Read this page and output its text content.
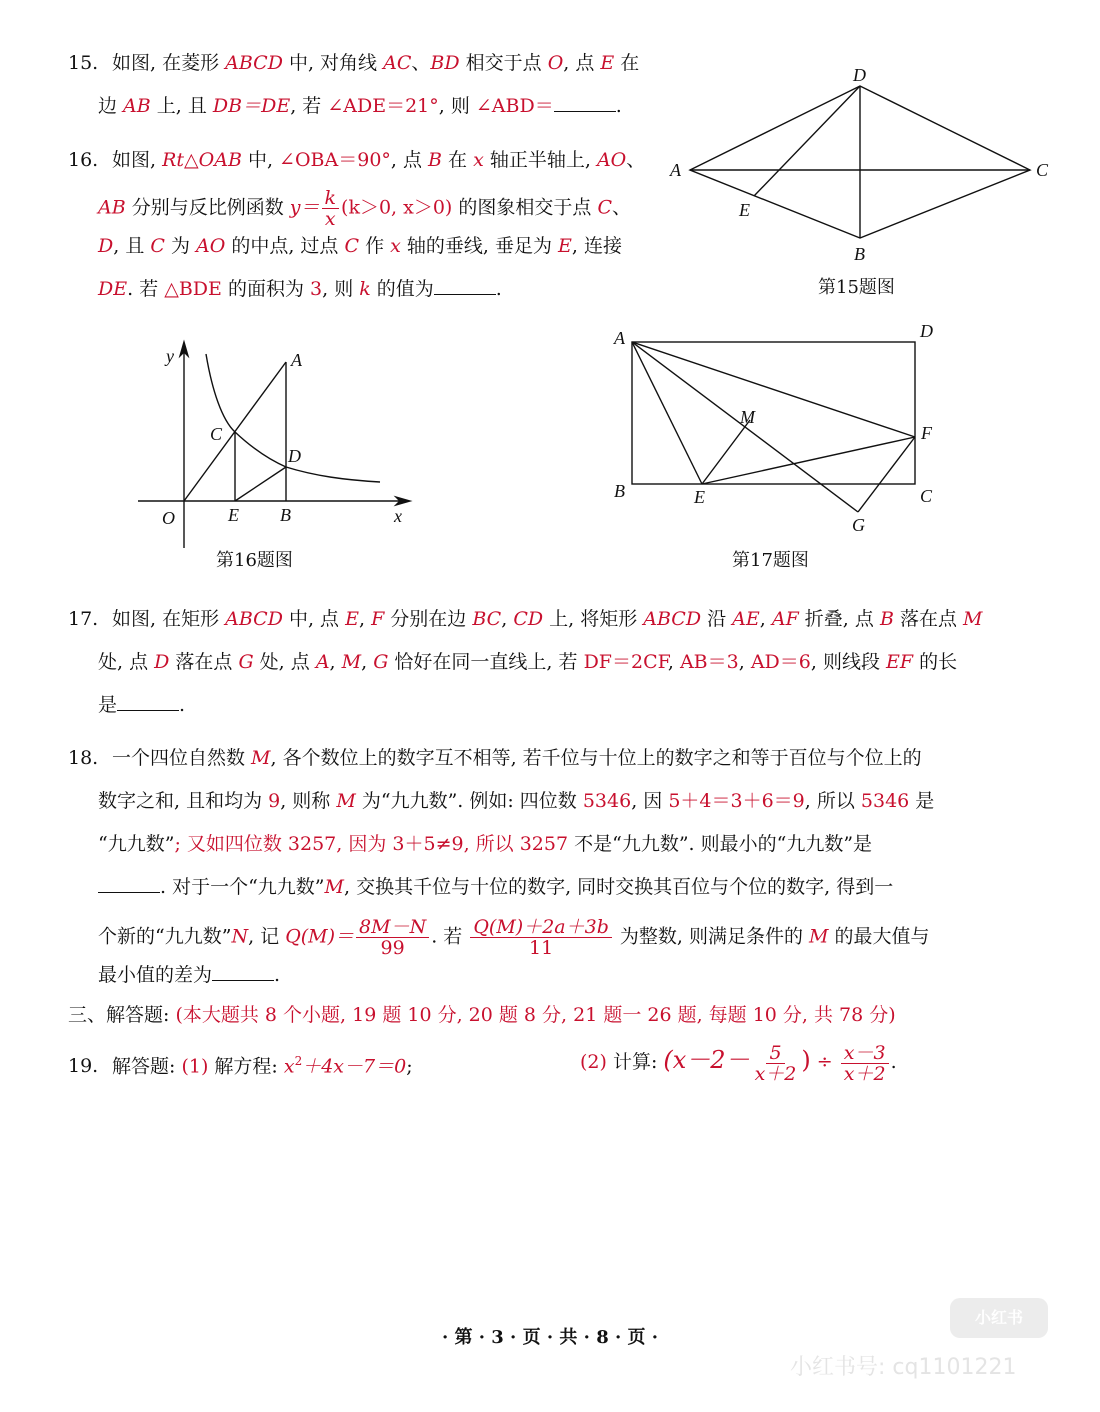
15. 如图, 在菱形 ABCD 中, 对角线 AC、BD 相交于点 O, 点 E 在
边 AB 上, 且 DB＝DE, 若 ∠ADE＝21°, 则 ∠ABD＝	.
16. 如图, Rt△OAB 中, ∠OBA＝90°, 点 B 在 x 轴正半轴上, AO、
AB 分别与反比例函数 $y= \frac{k}{x} (k>0$, x＞0) 的图象相交于点 C、
D, 且 C 为 AO 的中点, 过点 C 作 x 轴的垂线, 垂足为 E, 连接
DE. 若 △BDE 的面积为 3, 则 k 的值为	.
A
D
C
B
E
第15题图
y
x
O
A
B
C
D
E
第16题图
A	D
B	C
E
F
G
M
第17题图
17. 如图, 在矩形 ABCD 中, 点 E, F 分别在边 BC, CD 上, 将矩形 ABCD 沿 AE, AF 折叠, 点 B 落在点 M
处, 点 D 落在点 G 处, 点 A, M, G 恰好在同一直线上, 若 DF＝2CF, AB＝3, AD＝6, 则线段 EF 的长
是	.
18. 一个四位自然数 M, 各个数位上的数字互不相等, 若千位与十位上的数字之和等于百位与个位上的
数字之和, 且和均为 9, 则称 M 为“九九数”. 例如: 四位数 5346, 因 5＋4＝3＋6＝9, 所以 5346 是
“九九数”; 又如四位数 3257, 因为 3＋5≠9, 所以 3257 不是“九九数”. 则最小的“九九数”是
. 对于一个“九九数”M, 交换其千位与十位的数字, 同时交换其百位与个位的数字, 得到一
个新的“九九数”N, 记 $Q(M)= \frac{8M-N}{99}$ . 若 $\frac{Q(M)+2a+3b}{11}$ 为整数, 则满足条件的 M 的最大值与
最小值的差为	.
三、解答题: (本大题共 8 个小题, 19 题 10 分, 20 题 8 分, 21 题一 26 题, 每题 10 分, 共 78 分)
19. 解答题: (1) 解方程: $x^2+4x-7=0$;	(2) 计算: ($x-2- \frac{5}{x+2}$ ) ÷ $\frac{x-3}{x+2}$ .
小红书
小红书号: cq1101221
· 第 · 3 · 页 · 共 · 8 · 页 ·
